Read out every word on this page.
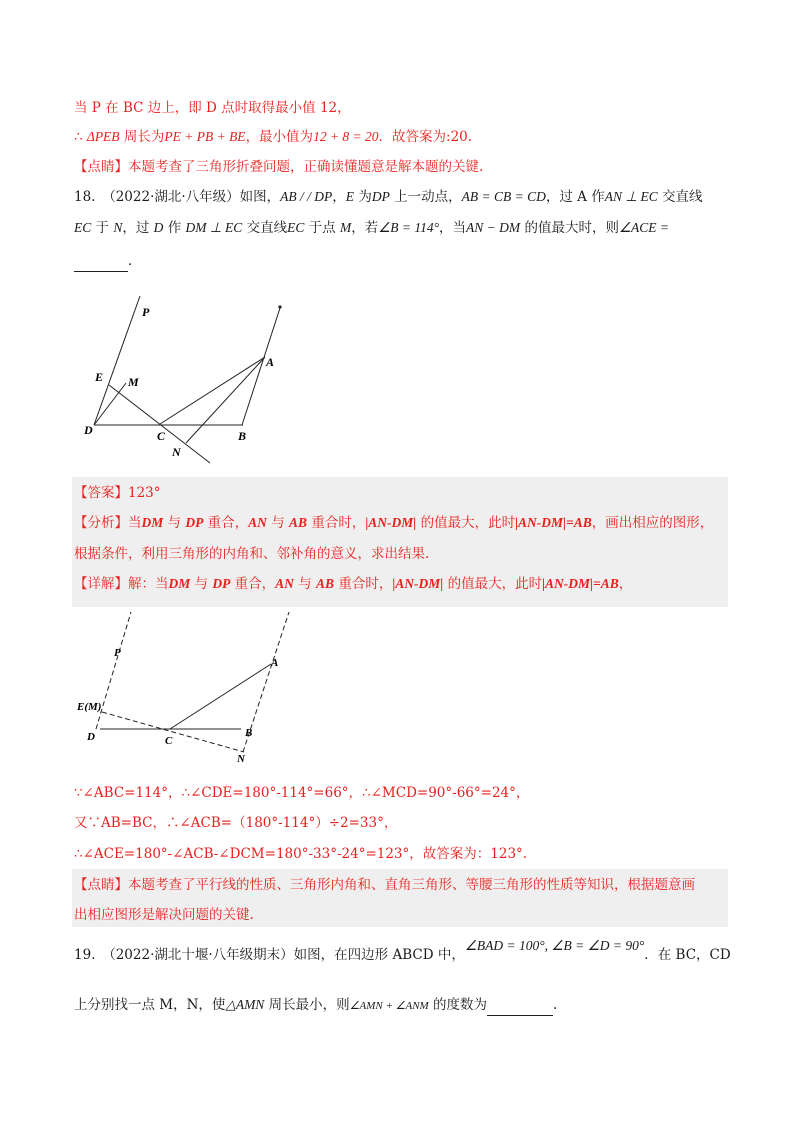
当 P 在 BC 边上，即 D 点时取得最小值 12，
∴ ΔPEB 周长为PE + PB + BE，最小值为12 + 8 = 20．故答案为:20.
【点睛】本题考查了三角形折叠问题，正确读懂题意是解本题的关键.
18.　（2022·湖北·八年级）如图，AB / / DP，E 为DP 上一动点，AB = CB = CD，过 A 作AN ⊥ EC 交直线
EC 于 N，过 D 作 DM ⊥ EC 交直线EC 于点 M，若∠B = 114°，当AN − DM 的值最大时，则∠ACE =
．
P
E M
A
D	C	B
N
【答案】123°
【分析】当DM 与 DP 重合，AN 与 AB 重合时，|AN-DM| 的值最大，此时|AN-DM|=AB，画出相应的图形，
根据条件，利用三角形的内角和、邻补角的意义，求出结果.
【详解】解：当DM 与 DP 重合，AN 与 AB 重合时，|AN-DM| 的值最大，此时|AN-DM|=AB，
P
E(M)
A
D	C
B
N
∵∠ABC=114°，∴∠CDE=180°-114°=66°，∴∠MCD=90°-66°=24°，
又∵AB=BC，∴∠ACB=（180°-114°）÷2=33°，
∴∠ACE=180°-∠ACB-∠DCM=180°-33°-24°=123°，故答案为：123°.
【点睛】本题考查了平行线的性质、三角形内角和、直角三角形、等腰三角形的性质等知识，根据题意画
出相应图形是解决问题的关键.
19.　（2022·湖北十堰·八年级期末）如图，在四边形 ABCD 中，∠BAD = 100°, ∠B = ∠D = 90°．在 BC，CD
上分别找一点 M，N，使△AMN 周长最小，则∠AMN + ∠ANM 的度数为	.
